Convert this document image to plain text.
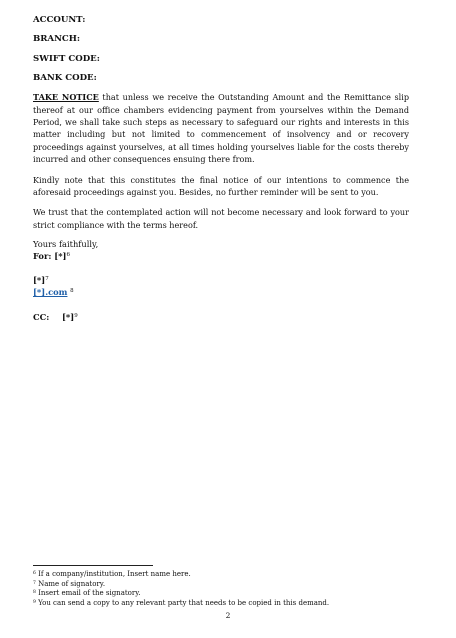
ACCOUNT:
BRANCH:
SWIFT CODE:
BANK CODE:

TAKE NOTICE that unless we receive the Outstanding Amount and the Remittance slip thereof at our office chambers evidencing payment from yourselves within the Demand Period, we shall take such steps as necessary to safeguard our rights and interests in this matter including but not limited to commencement of insolvency and or recovery proceedings against yourselves, at all times holding yourselves liable for the costs thereby incurred and other consequences ensuing there from.

Kindly note that this constitutes the final notice of our intentions to commence the aforesaid proceedings against you. Besides, no further reminder will be sent to you.

We trust that the contemplated action will not become necessary and look forward to your strict compliance with the terms hereof.

Yours faithfully,
For: $[*]^6$
$[*]^7$
[*].com $^8$
CC: $[*]^9$
$^6$ If a company/institution, Insert name here.
$^7$ Name of signatory.
$^8$ Insert email of the signatory.
$^9$ You can send a copy to any relevant party that needs to be copied in this demand.
2
